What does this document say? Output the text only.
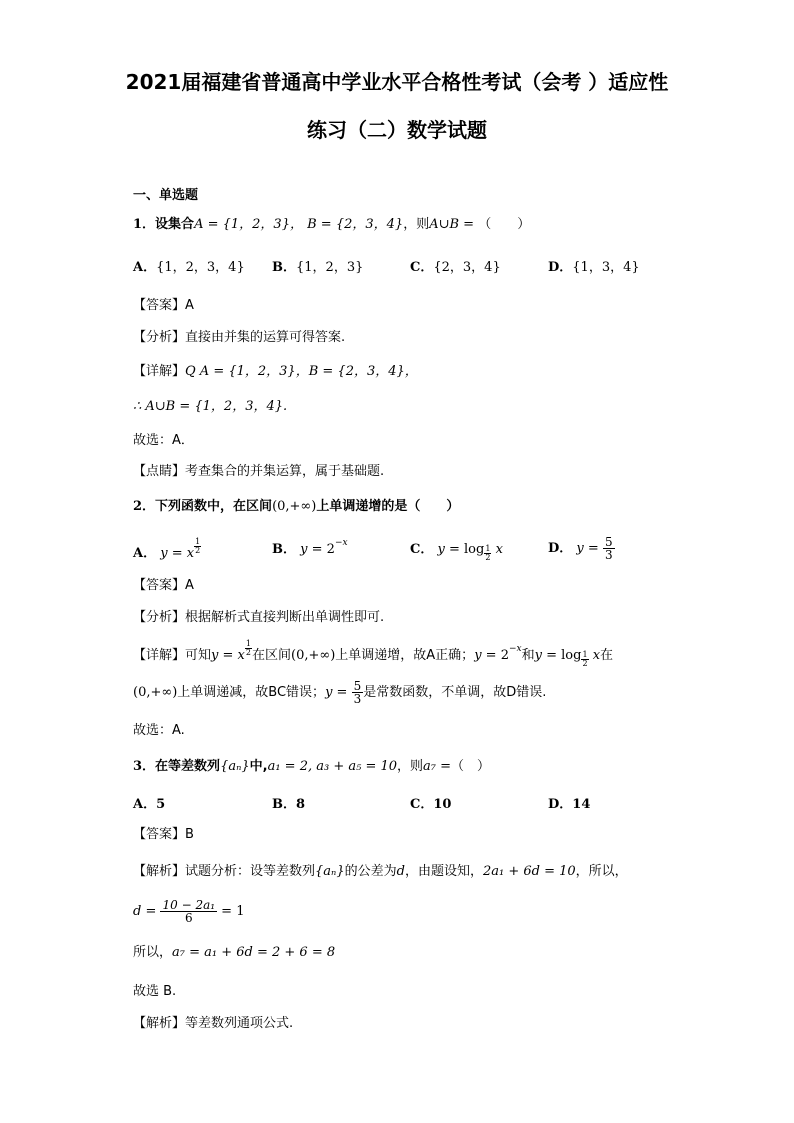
2021届福建省普通高中学业水平合格性考试（会考 ）适应性
练习（二）数学试题
一、单选题
1．设集合A = {1，2，3}， B = {2，3，4}，则A∪B = （　　）
A．{1，2，3，4} B．{1，2，3}	C．{2，3，4}	D．{1，3，4}
【答案】A
【分析】直接由并集的运算可得答案.
【详解】Q A = {1，2，3}，B = {2，3，4}，
∴ A∪B = {1，2，3，4}.
故选：A．
【点睛】考查集合的并集运算，属于基础题.
2．下列函数中，在区间(0,+∞)上单调递增的是（　　）
A． y = x $^{\frac{1}{2}}$	B． $y = 2^{-x}$	C． y = log $_{\frac{1}{2}}$ x	D． $y = \frac{5}{3}$
【答案】A
【分析】根据解析式直接判断出单调性即可.
【详解】可知y = x $^{\frac{1}{2}}$ 在区间(0,+∞)上单调递增，故A正确；$y = 2^{-x}$和y = log $_{\frac{1}{2}}$ x在
(0,+∞)上单调递减，故BC错误；$y = \frac{5}{3}$ 是常数函数，不单调，故D错误.
故选：A.
3．在等差数列{aₙ}中,a₁ = 2, a₃ + a₅ = 10，则a₇ =（　）
A．5	B．8	C．10	D．14
【答案】B
【解析】试题分析：设等差数列{aₙ}的公差为d，由题设知，2a₁ + 6d = 10，所以，
$d = \frac{\text{10 − 2a₁}}{6} = 1$
所以，a₇ = a₁ + 6d = 2 + 6 = 8
故选 B.
【解析】等差数列通项公式.
